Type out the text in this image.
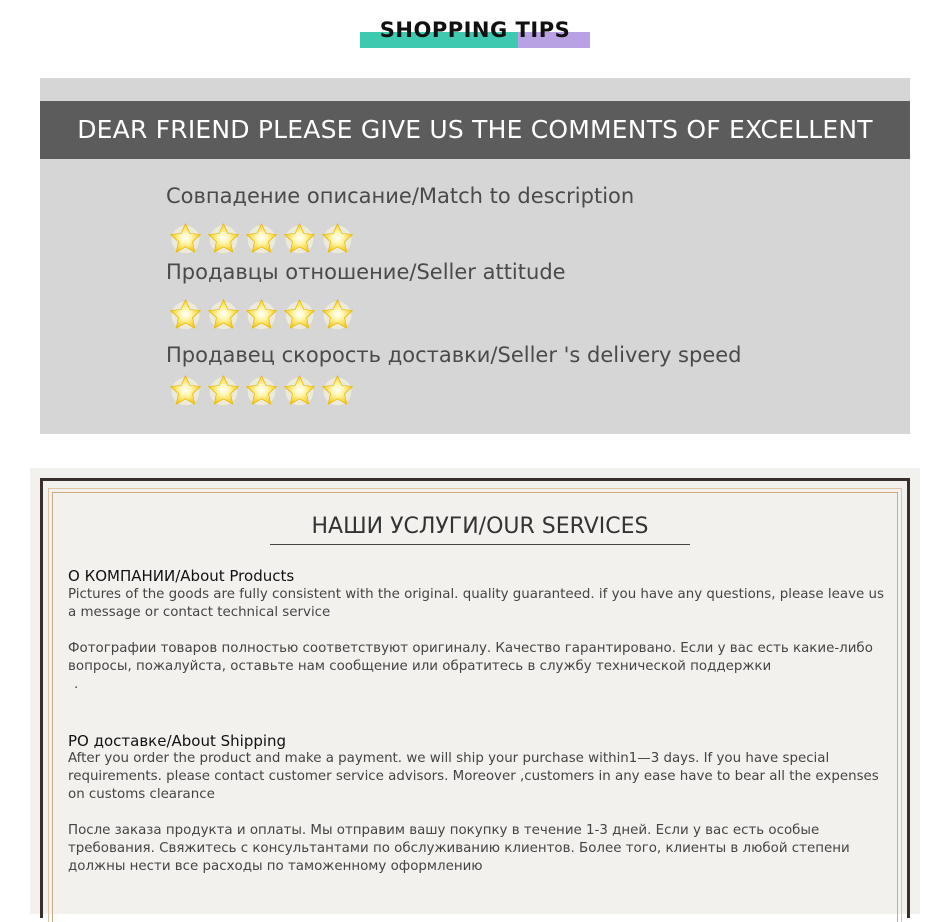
SHOPPING TIPS
DEAR FRIEND PLEASE GIVE US THE COMMENTS OF EXCELLENT
Совпадение описание/Match to description
Продавцы отношение/Seller attitude
Продавец скорость доставки/Seller 's delivery speed
НАШИ УСЛУГИ/OUR SERVICES
О КОМПАНИИ/About Products

Pictures of the goods are fully consistent with the original. quality guaranteed. if you have any questions, please leave us a message or contact technical service

Фотографии товаров полностью соответствуют оригиналу. Качество гарантировано. Если у вас есть какие-либо вопросы, пожалуйста, оставьте нам сообщение или обратитесь в службу технической поддержки

.

PO доставке/About Shipping

After you order the product and make a payment. we will ship your purchase within1—3 days. If you have special requirements. please contact customer service advisors. Moreover ,customers in any ease have to bear all the expenses on customs clearance

После заказа продукта и оплаты. Мы отправим вашу покупку в течение 1-3 дней. Если у вас есть особые требования. Свяжитесь с консультантами по обслуживанию клиентов. Более того, клиенты в любой степени должны нести все расходы по таможенному оформлению
